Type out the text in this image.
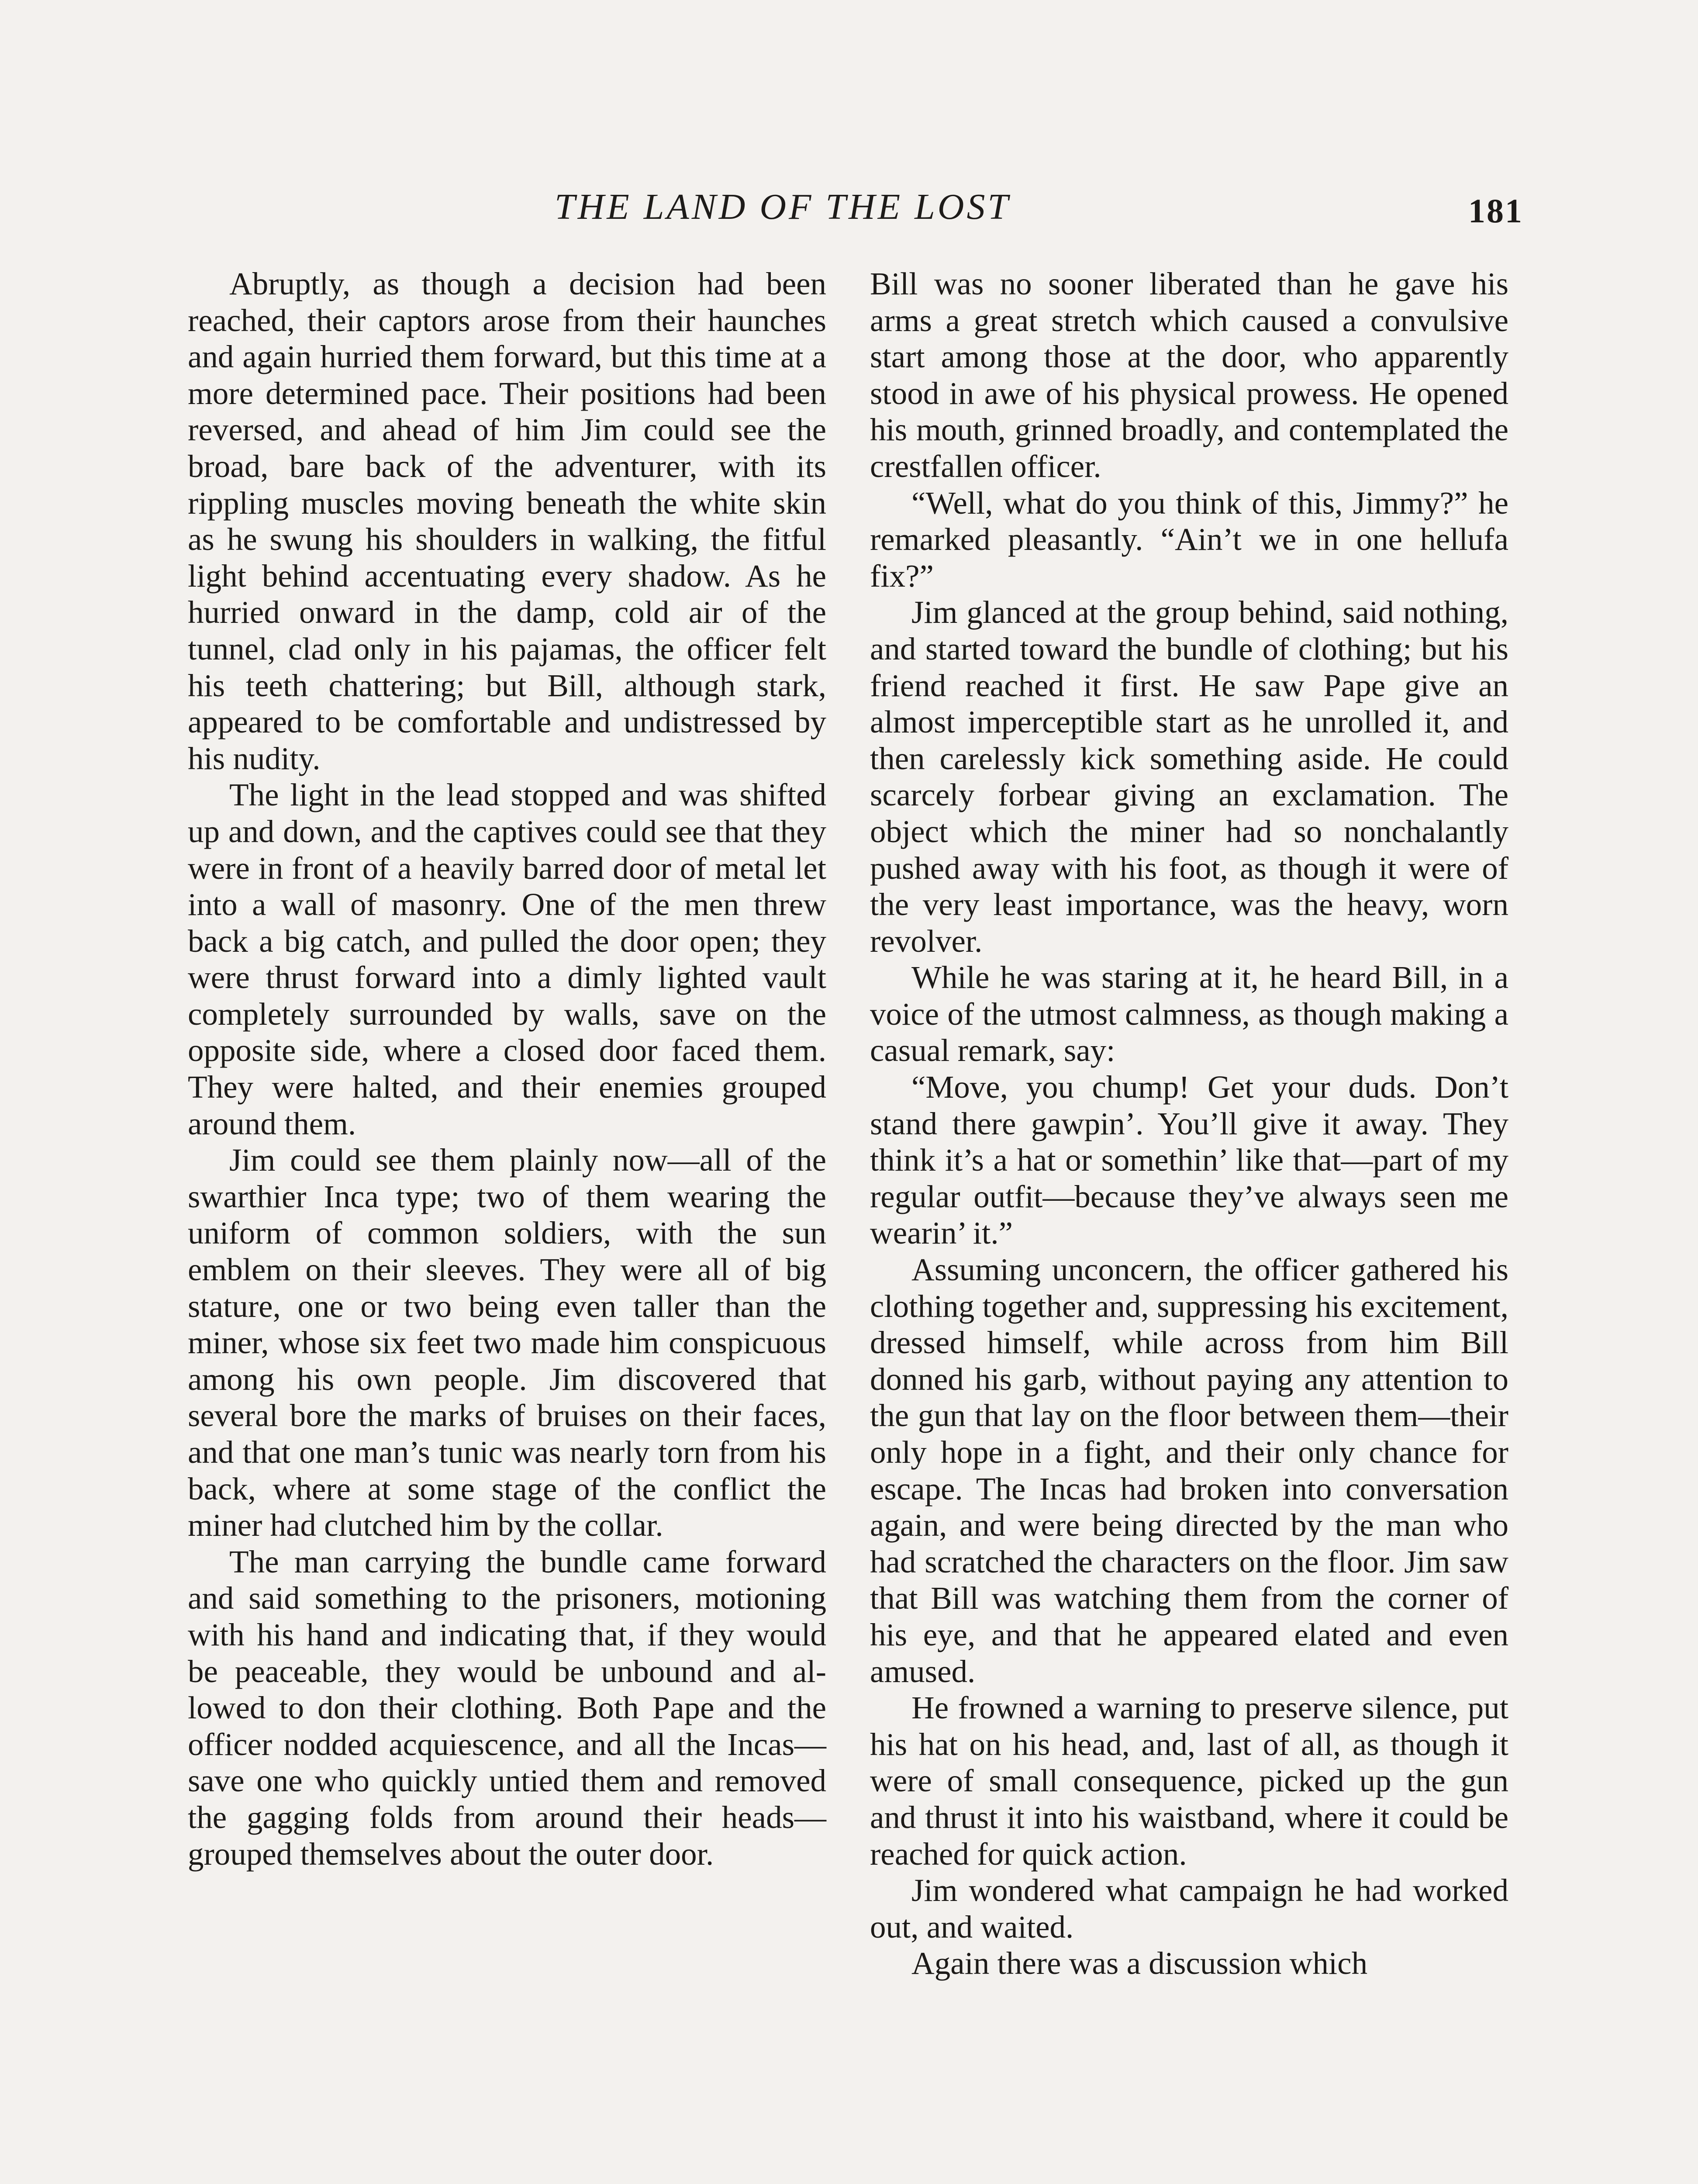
THE LAND OF THE LOST	181

Abruptly, as though a decision had been reached, their captors arose from their haunches and again hurried them forward, but this time at a more determined pace. Their positions had been reversed, and ahead of him Jim could see the broad, bare back of the adventurer, with its rippling muscles moving beneath the white skin as he swung his shoulders in walking, the fitful light behind accentuating every shadow. As he hurried onward in the damp, cold air of the tunnel, clad only in his pajamas, the officer felt his teeth chattering; but Bill, although stark, appeared to be comfortable and undistressed by his nudity.

The light in the lead stopped and was shifted up and down, and the captives could see that they were in front of a heavily barred door of metal let into a wall of masonry. One of the men threw back a big catch, and pulled the door open; they were thrust forward into a dimly lighted vault completely surrounded by walls, save on the opposite side, where a closed door faced them. They were halted, and their enemies grouped around them.

Jim could see them plainly now—all of the swarthier Inca type; two of them wearing the uniform of common soldiers, with the sun emblem on their sleeves. They were all of big stature, one or two being even taller than the miner, whose six feet two made him conspicuous among his own people. Jim discovered that several bore the marks of bruises on their faces, and that one man’s tunic was nearly torn from his back, where at some stage of the conflict the miner had clutched him by the collar.

The man carrying the bundle came forward and said something to the prisoners, motioning with his hand and indicating that, if they would be peaceable, they would be unbound and allowed to don their clothing. Both Pape and the officer nodded acquiescence, and all the Incas—save one who quickly untied them and removed the gagging folds from around their heads—grouped themselves about the outer door.

Bill was no sooner liberated than he gave his arms a great stretch which caused a convulsive start among those at the door, who apparently stood in awe of his physical prowess. He opened his mouth, grinned broadly, and contemplated the crestfallen officer.

“Well, what do you think of this, Jimmy?” he remarked pleasantly. “Ain’t we in one hellufa fix?”

Jim glanced at the group behind, said nothing, and started toward the bundle of clothing; but his friend reached it first. He saw Pape give an almost imperceptible start as he unrolled it, and then carelessly kick something aside. He could scarcely forbear giving an exclamation. The object which the miner had so nonchalantly pushed away with his foot, as though it were of the very least importance, was the heavy, worn revolver.

While he was staring at it, he heard Bill, in a voice of the utmost calmness, as though making a casual remark, say:

“Move, you chump! Get your duds. Don’t stand there gawpin’. You’ll give it away. They think it’s a hat or somethin’ like that—part of my regular outfit—because they’ve always seen me wearin’ it.”

Assuming unconcern, the officer gathered his clothing together and, suppressing his excitement, dressed himself, while across from him Bill donned his garb, without paying any attention to the gun that lay on the floor between them—their only hope in a fight, and their only chance for escape. The Incas had broken into conversation again, and were being directed by the man who had scratched the characters on the floor. Jim saw that Bill was watching them from the corner of his eye, and that he appeared elated and even amused.

He frowned a warning to preserve silence, put his hat on his head, and, last of all, as though it were of small consequence, picked up the gun and thrust it into his waistband, where it could be reached for quick action.

Jim wondered what campaign he had worked out, and waited.

Again there was a discussion which
